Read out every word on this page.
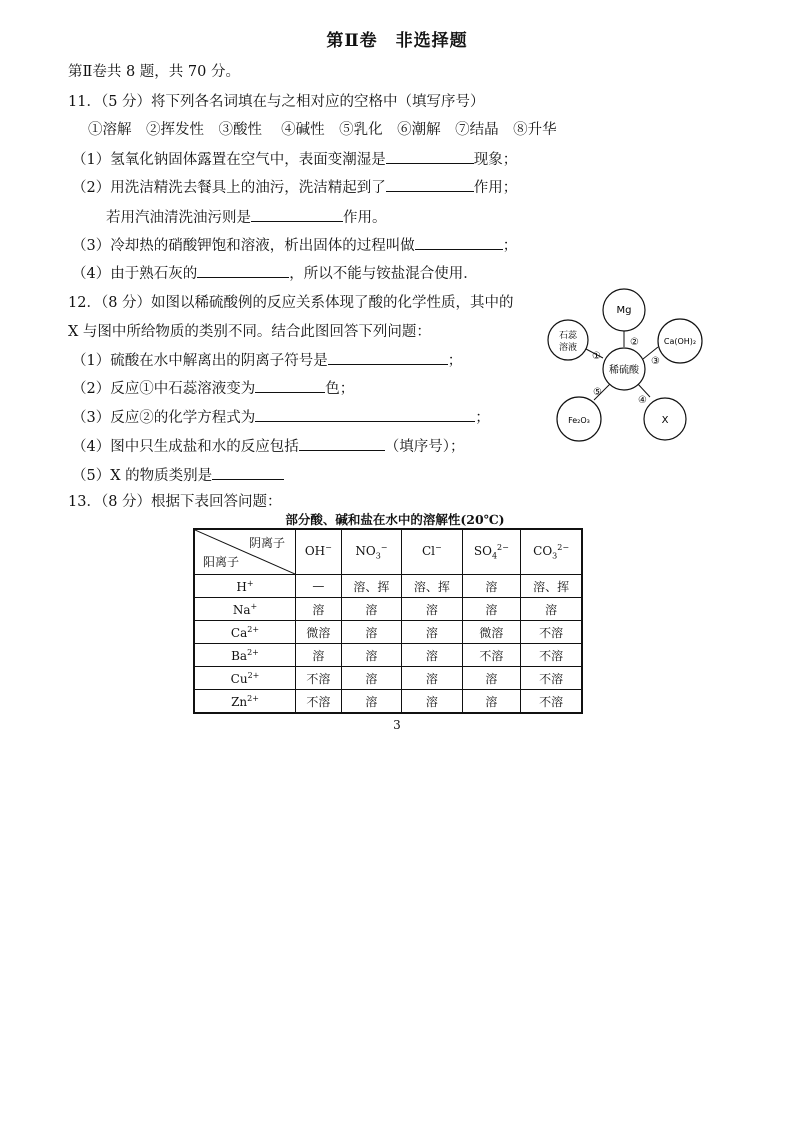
第Ⅱ卷　非选择题
第Ⅱ卷共 8 题，共 70 分。
11．（5 分）将下列各名词填在与之相对应的空格中（填写序号）
①溶解　②挥发性　③酸性　 ④碱性　⑤乳化　⑥潮解　⑦结晶　⑧升华
（1）氢氧化钠固体露置在空气中，表面变潮湿是	现象；
（2）用洗洁精洗去餐具上的油污，洗洁精起到了	作用；
若用汽油清洗油污则是	作用。
（3）冷却热的硝酸钾饱和溶液，析出固体的过程叫做	；
（4）由于熟石灰的	，所以不能与铵盐混合使用．
12．（8 分）如图以稀硫酸例的反应关系体现了酸的化学性质，其中的
X 与图中所给物质的类别不同。结合此图回答下列问题：
（1）硫酸在水中解离出的阴离子符号是	；
（2）反应①中石蕊溶液变为	色；
（3）反应②的化学方程式为	；
（4）图中只生成盐和水的反应包括	（填序号）；
（5）X 的物质类别是
稀硫酸
Mg
石蕊
溶液
Ca(OH)₂
Fe₂O₃	X
②
①	③
⑤
④
13．（8 分）根据下表回答问题：
部分酸、碱和盐在水中的溶解性(20℃)
阴离子
阳离子	OH−	$NO_3^-$	Cl−	$SO_4^{2-}$	$CO_3^{2-}$
H+	—	溶、挥	溶、挥	溶	溶、挥
Na+	溶	溶	溶	溶	溶
$Ca^{2+}$	微溶	溶	溶	微溶	不溶
$Ba^{2+}$	溶	溶	溶	不溶	不溶
$Cu^{2+}$	不溶	溶	溶	溶	不溶
$Zn^{2+}$	不溶	溶	溶	溶	不溶
3
